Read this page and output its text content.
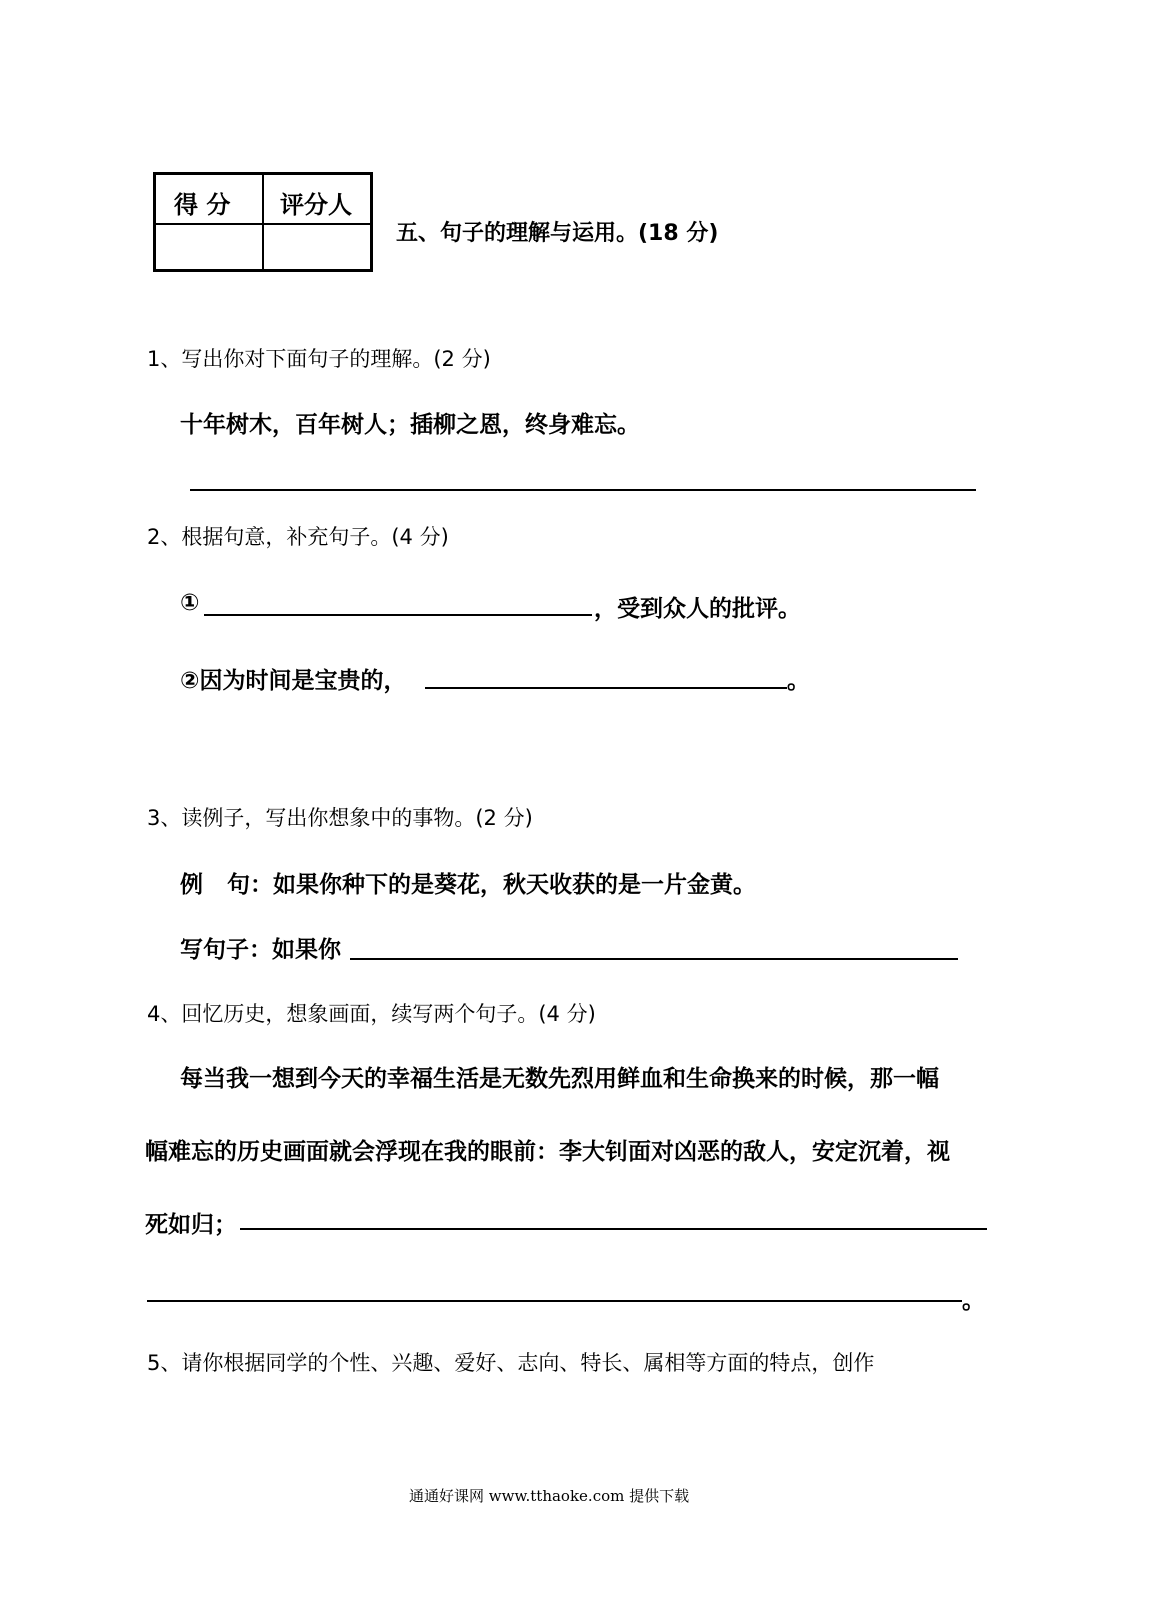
得 分 评分人
五、句子的理解与运用。(18 分)
1、写出你对下面句子的理解。(2 分)
十年树木，百年树人；插柳之恩，终身难忘。
2、根据句意，补充句子。(4 分)
①	，受到众人的批评。
②因为时间是宝贵的，	。
3、读例子，写出你想象中的事物。(2 分)
例   句：如果你种下的是葵花，秋天收获的是一片金黄。
写句子：如果你
4、回忆历史，想象画面，续写两个句子。(4 分)
每当我一想到今天的幸福生活是无数先烈用鲜血和生命换来的时候，那一幅
幅难忘的历史画面就会浮现在我的眼前：李大钊面对凶恶的敌人，安定沉着，视
死如归；
。
5、请你根据同学的个性、兴趣、爱好、志向、特长、属相等方面的特点，创作
通通好课网 www.tthaoke.com 提供下载
